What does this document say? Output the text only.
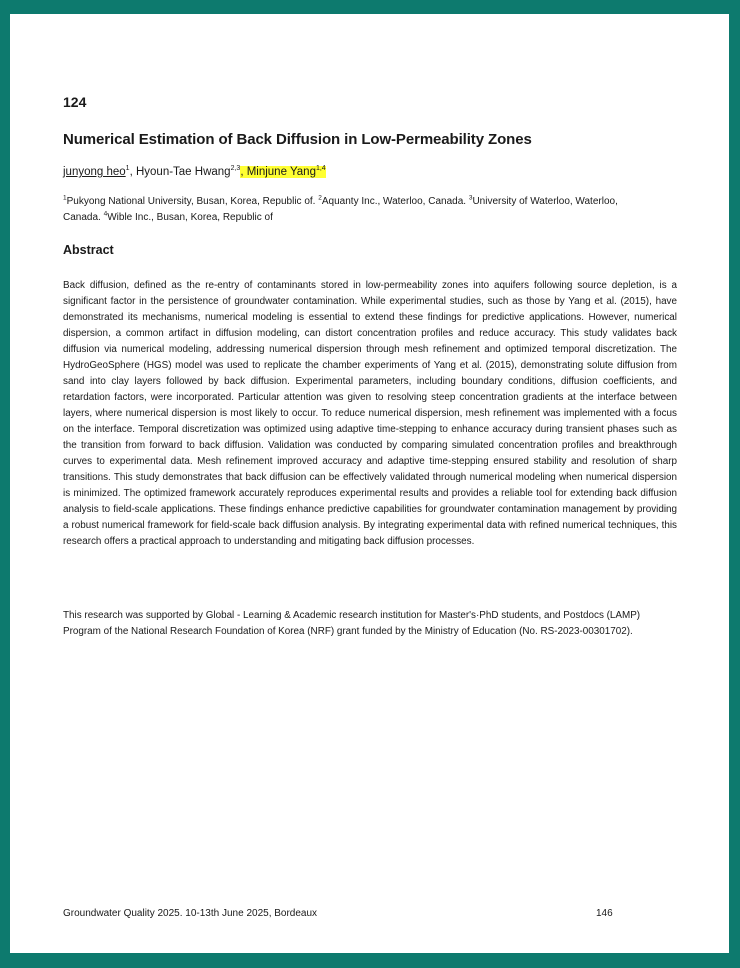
124
Numerical Estimation of Back Diffusion in Low-Permeability Zones
junyong heo$^1$, Hyoun-Tae Hwang$^{2,3}$, Minjune Yang$^{1,4}$
$^1$Pukyong National University, Busan, Korea, Republic of. $^2$Aquanty Inc., Waterloo, Canada. $^3$University of Waterloo, Waterloo, Canada. $^4$Wible Inc., Busan, Korea, Republic of
Abstract
Back diffusion, defined as the re-entry of contaminants stored in low-permeability zones into aquifers following source depletion, is a significant factor in the persistence of groundwater contamination. While experimental studies, such as those by Yang et al. (2015), have demonstrated its mechanisms, numerical modeling is essential to extend these findings for predictive applications. However, numerical dispersion, a common artifact in diffusion modeling, can distort concentration profiles and reduce accuracy. This study validates back diffusion via numerical modeling, addressing numerical dispersion through mesh refinement and optimized temporal discretization. The HydroGeoSphere (HGS) model was used to replicate the chamber experiments of Yang et al. (2015), demonstrating solute diffusion from sand into clay layers followed by back diffusion. Experimental parameters, including boundary conditions, diffusion coefficients, and retardation factors, were incorporated. Particular attention was given to resolving steep concentration gradients at the interface between layers, where numerical dispersion is most likely to occur. To reduce numerical dispersion, mesh refinement was implemented with a focus on the interface. Temporal discretization was optimized using adaptive time-stepping to enhance accuracy during transient phases such as the transition from forward to back diffusion. Validation was conducted by comparing simulated concentration profiles and breakthrough curves to experimental data. Mesh refinement improved accuracy and adaptive time-stepping ensured stability and resolution of sharp transitions. This study demonstrates that back diffusion can be effectively validated through numerical modeling when numerical dispersion is minimized. The optimized framework accurately reproduces experimental results and provides a reliable tool for extending back diffusion analysis to field-scale applications. These findings enhance predictive capabilities for groundwater contamination management by providing a robust numerical framework for field-scale back diffusion analysis. By integrating experimental data with refined numerical techniques, this research offers a practical approach to understanding and mitigating back diffusion processes.
This research was supported by Global - Learning & Academic research institution for Master's·PhD students, and Postdocs (LAMP) Program of the National Research Foundation of Korea (NRF) grant funded by the Ministry of Education (No. RS-2023-00301702).
Groundwater Quality 2025. 10-13th June 2025, Bordeaux	146
